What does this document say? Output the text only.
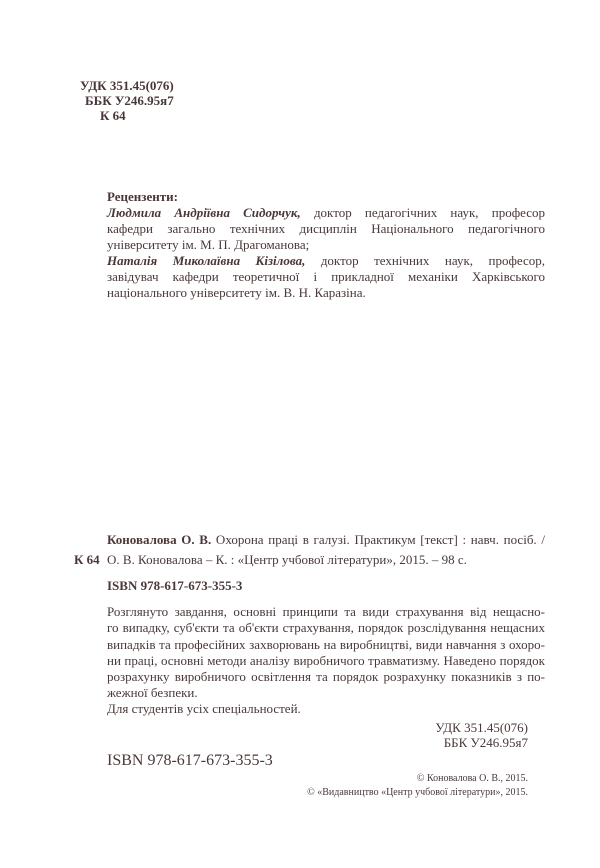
УДК 351.45(076)
ББК У246.95я7
К 64
Рецензенти:
Людмила Андріївна Сидорчук, доктор педагогічних наук, професор
кафедри загально технічних дисциплін Національного педагогічного
університету ім. М. П. Драгоманова;
Наталія Миколаївна Кізілова, доктор технічних наук, професор,
завідувач кафедри теоретичної і прикладної механіки Харківського
національного університету ім. В. Н. Каразіна.
Коновалова О. В. Охорона праці в галузі. Практикум [текст] : навч. посіб. /
К 64 О. В. Коновалова – К. : «Центр учбової літератури», 2015. – 98 с.
ISBN 978-617-673-355-3
Розглянуто завдання, основні принципи та види страхування від нещасно-
го випадку, суб'єкти та об'єкти страхування, порядок розслідування нещасних
випадків та професійних захворювань на виробництві, види навчання з охоро-
ни праці, основні методи аналізу виробничого травматизму. Наведено порядок
розрахунку виробничого освітлення та порядок розрахунку показників з по-
жежної безпеки.
Для студентів усіх спеціальностей.
УДК 351.45(076)
ББК У246.95я7
ISBN 978-617-673-355-3
© Коновалова О. В., 2015.
© «Видавництво «Центр учбової літератури», 2015.
